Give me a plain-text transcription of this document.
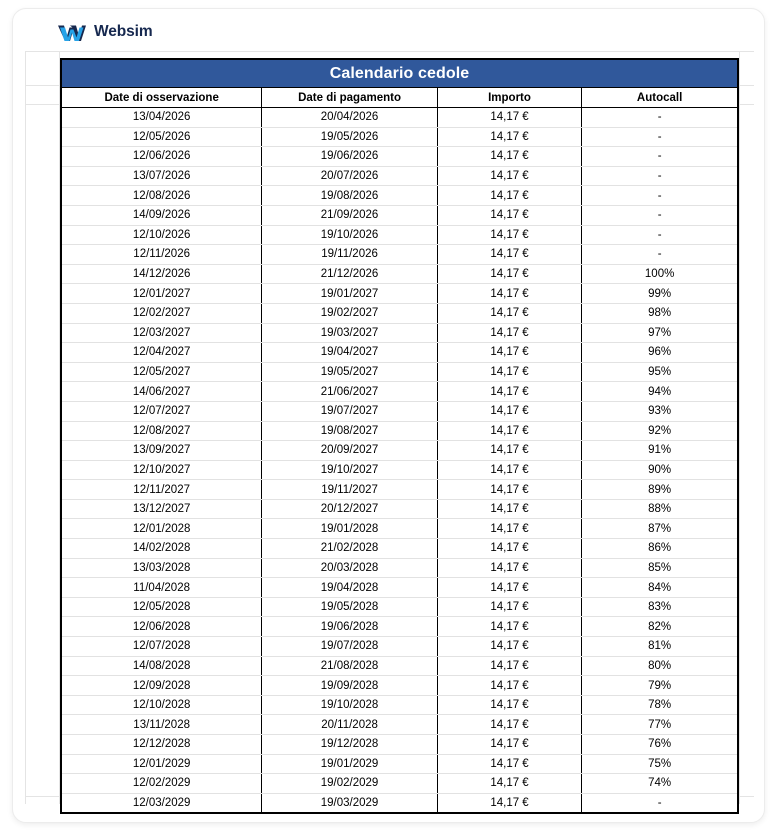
Websim
Calendario cedole
Date di osservazione	Date di pagamento	Importo	Autocall
13/04/2026	20/04/2026	14,17 €	-
12/05/2026	19/05/2026	14,17 €	-
12/06/2026	19/06/2026	14,17 €	-
13/07/2026	20/07/2026	14,17 €	-
12/08/2026	19/08/2026	14,17 €	-
14/09/2026	21/09/2026	14,17 €	-
12/10/2026	19/10/2026	14,17 €	-
12/11/2026	19/11/2026	14,17 €	-
14/12/2026	21/12/2026	14,17 €	100%
12/01/2027	19/01/2027	14,17 €	99%
12/02/2027	19/02/2027	14,17 €	98%
12/03/2027	19/03/2027	14,17 €	97%
12/04/2027	19/04/2027	14,17 €	96%
12/05/2027	19/05/2027	14,17 €	95%
14/06/2027	21/06/2027	14,17 €	94%
12/07/2027	19/07/2027	14,17 €	93%
12/08/2027	19/08/2027	14,17 €	92%
13/09/2027	20/09/2027	14,17 €	91%
12/10/2027	19/10/2027	14,17 €	90%
12/11/2027	19/11/2027	14,17 €	89%
13/12/2027	20/12/2027	14,17 €	88%
12/01/2028	19/01/2028	14,17 €	87%
14/02/2028	21/02/2028	14,17 €	86%
13/03/2028	20/03/2028	14,17 €	85%
11/04/2028	19/04/2028	14,17 €	84%
12/05/2028	19/05/2028	14,17 €	83%
12/06/2028	19/06/2028	14,17 €	82%
12/07/2028	19/07/2028	14,17 €	81%
14/08/2028	21/08/2028	14,17 €	80%
12/09/2028	19/09/2028	14,17 €	79%
12/10/2028	19/10/2028	14,17 €	78%
13/11/2028	20/11/2028	14,17 €	77%
12/12/2028	19/12/2028	14,17 €	76%
12/01/2029	19/01/2029	14,17 €	75%
12/02/2029	19/02/2029	14,17 €	74%
12/03/2029	19/03/2029	14,17 €	-
